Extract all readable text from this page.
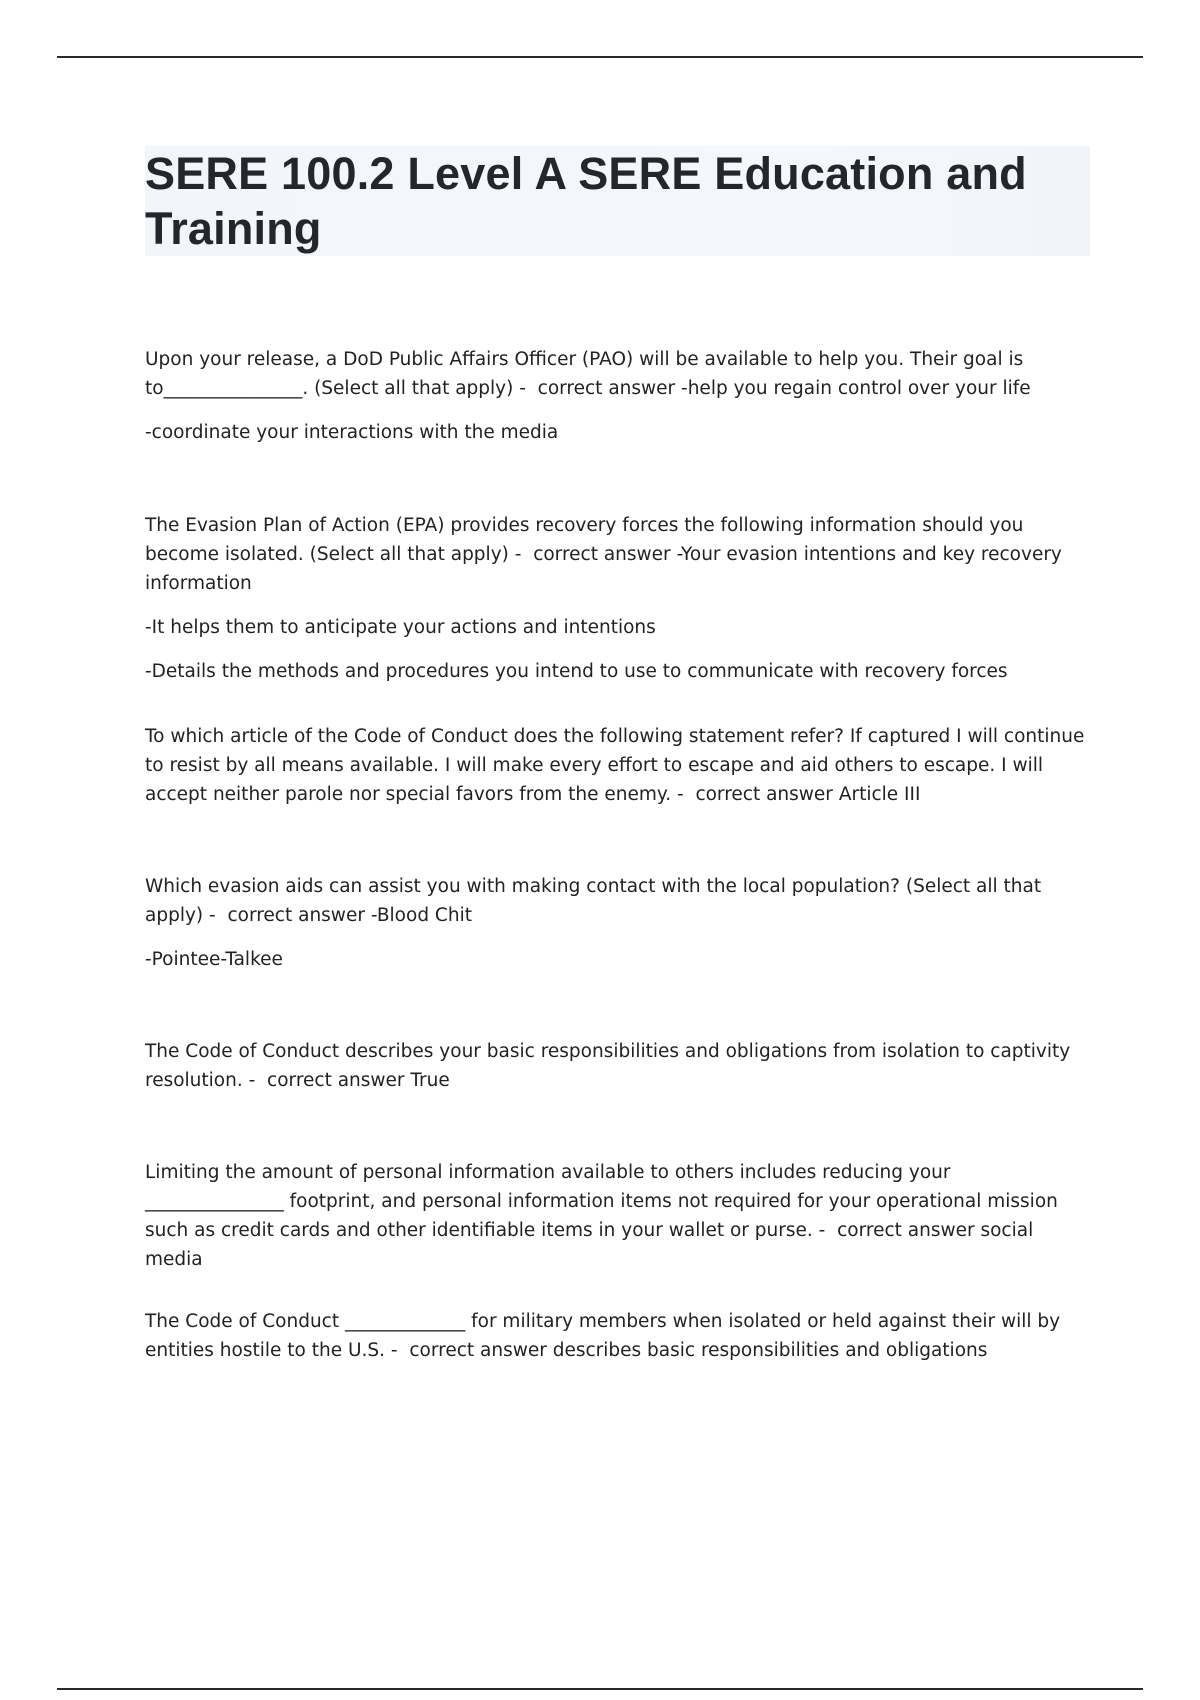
SERE 100.2 Level A SERE Education and Training

Upon your release, a DoD Public Affairs Officer (PAO) will be available to help you. Their goal is to_______________. (Select all that apply) - correct answer -help you regain control over your life

-coordinate your interactions with the media

The Evasion Plan of Action (EPA) provides recovery forces the following information should you become isolated. (Select all that apply) - correct answer -Your evasion intentions and key recovery information

-It helps them to anticipate your actions and intentions

-Details the methods and procedures you intend to use to communicate with recovery forces

To which article of the Code of Conduct does the following statement refer? If captured I will continue to resist by all means available. I will make every effort to escape and aid others to escape. I will accept neither parole nor special favors from the enemy. - correct answer Article III

Which evasion aids can assist you with making contact with the local population? (Select all that apply) - correct answer -Blood Chit

-Pointee-Talkee

The Code of Conduct describes your basic responsibilities and obligations from isolation to captivity resolution. - correct answer True

Limiting the amount of personal information available to others includes reducing your _______________ footprint, and personal information items not required for your operational mission such as credit cards and other identifiable items in your wallet or purse. - correct answer social media

The Code of Conduct _____________ for military members when isolated or held against their will by entities hostile to the U.S. - correct answer describes basic responsibilities and obligations
